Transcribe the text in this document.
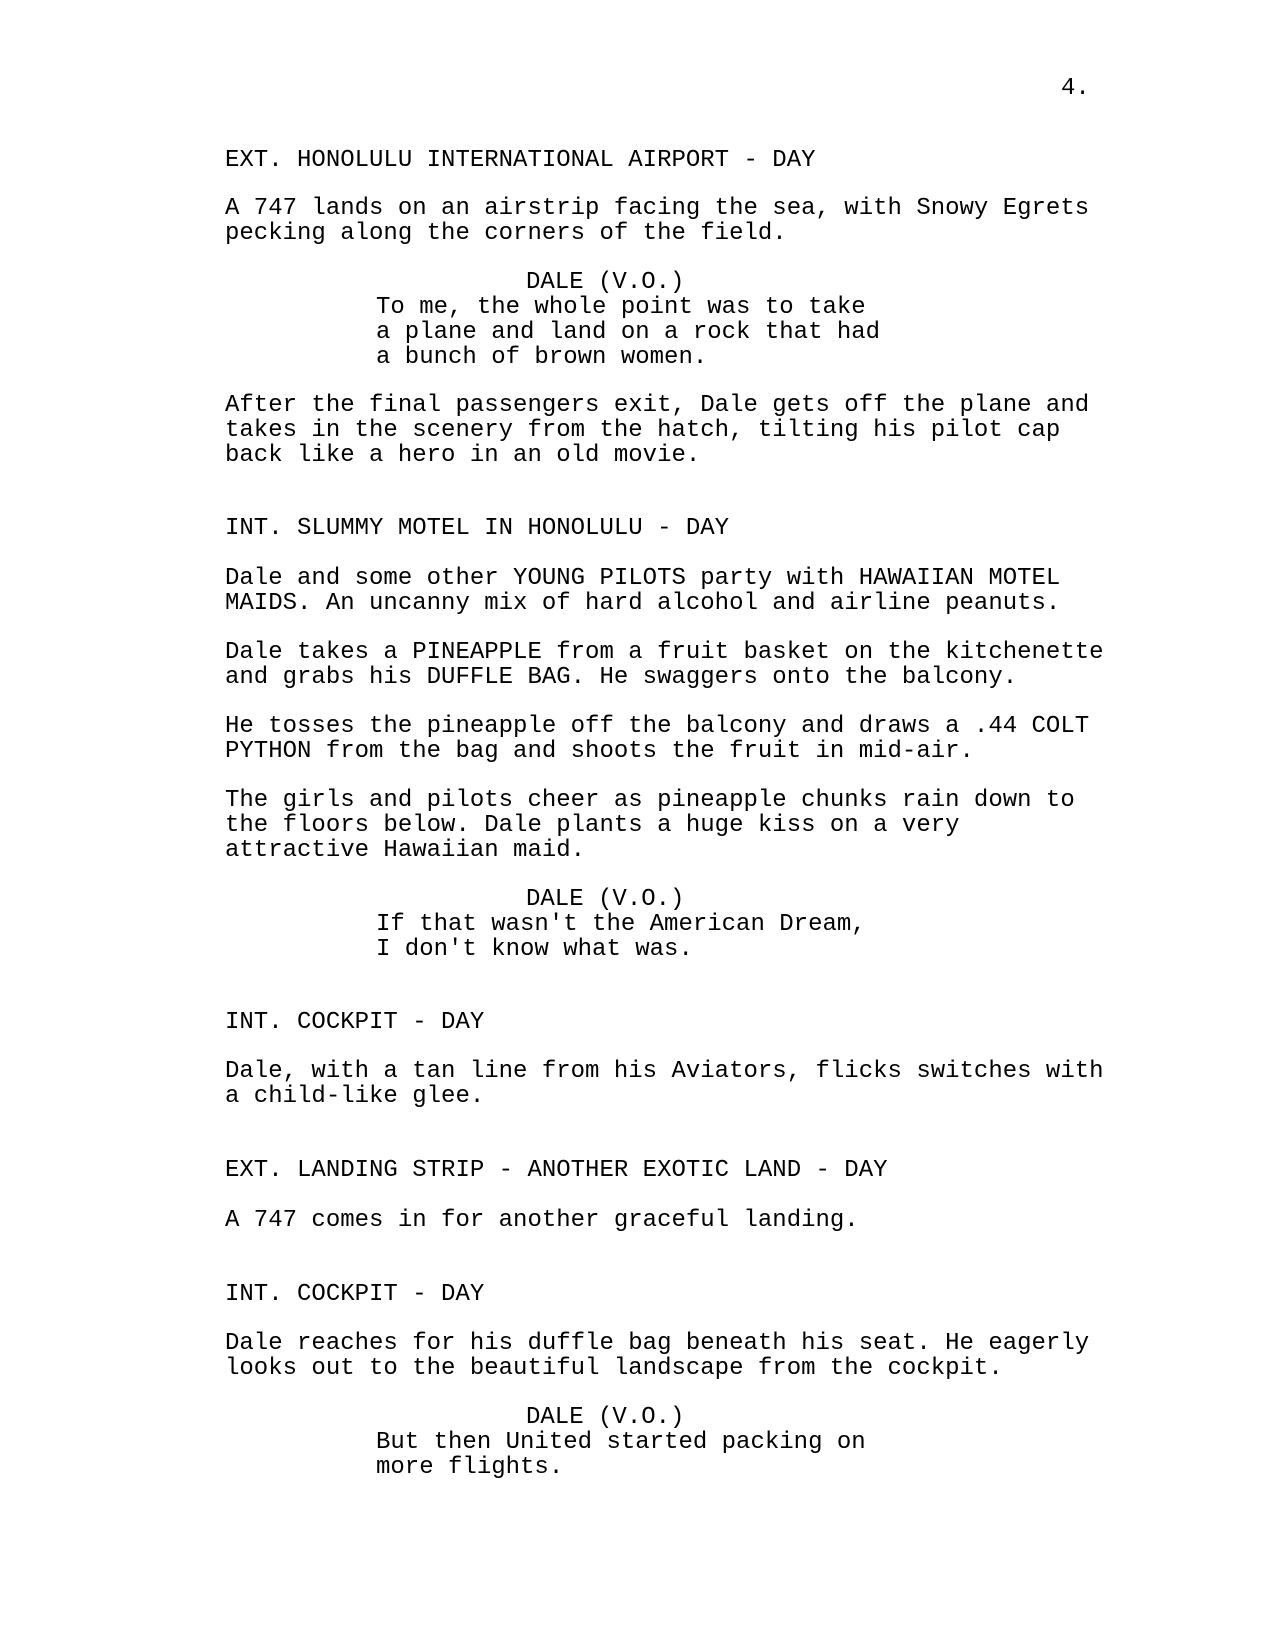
4.
EXT. HONOLULU INTERNATIONAL AIRPORT - DAY
A 747 lands on an airstrip facing the sea, with Snowy Egrets
pecking along the corners of the field.
DALE (V.O.)
To me, the whole point was to take
a plane and land on a rock that had
a bunch of brown women.
After the final passengers exit, Dale gets off the plane and
takes in the scenery from the hatch, tilting his pilot cap
back like a hero in an old movie.
INT. SLUMMY MOTEL IN HONOLULU - DAY
Dale and some other YOUNG PILOTS party with HAWAIIAN MOTEL
MAIDS. An uncanny mix of hard alcohol and airline peanuts.
Dale takes a PINEAPPLE from a fruit basket on the kitchenette
and grabs his DUFFLE BAG. He swaggers onto the balcony.
He tosses the pineapple off the balcony and draws a .44 COLT
PYTHON from the bag and shoots the fruit in mid-air.
The girls and pilots cheer as pineapple chunks rain down to
the floors below. Dale plants a huge kiss on a very
attractive Hawaiian maid.
DALE (V.O.)
If that wasn't the American Dream,
I don't know what was.
INT. COCKPIT - DAY
Dale, with a tan line from his Aviators, flicks switches with
a child-like glee.
EXT. LANDING STRIP - ANOTHER EXOTIC LAND - DAY
A 747 comes in for another graceful landing.
INT. COCKPIT - DAY
Dale reaches for his duffle bag beneath his seat. He eagerly
looks out to the beautiful landscape from the cockpit.
DALE (V.O.)
But then United started packing on
more flights.
